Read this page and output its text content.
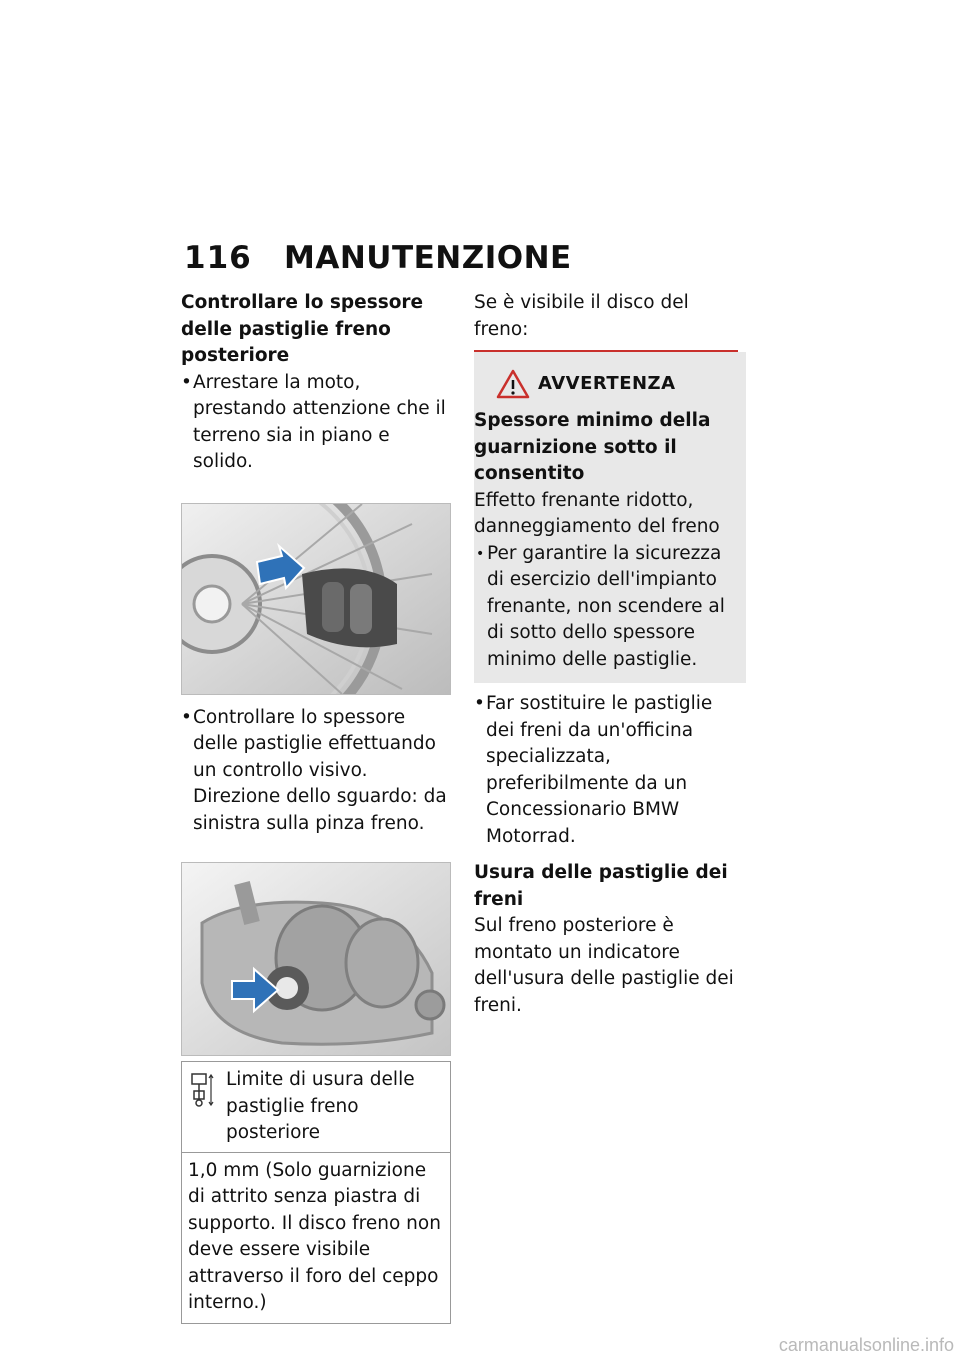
116 MANUTENZIONE

Controllare lo spessore delle pastiglie freno posteriore

• Arrestare la moto, prestando attenzione che il terreno sia in piano e solido.
• Controllare lo spessore delle pastiglie effettuando un controllo visivo. Direzione dello sguardo: da sinistra sulla pinza freno.
Limite di usura delle pastiglie freno posteriore
1,0 mm (Solo guarnizione di attrito senza piastra di supporto. Il disco freno non deve essere visibile attraverso il foro del ceppo interno.)

Se è visibile il disco del freno:

AVVERTENZA

Spessore minimo della guarnizione sotto il consentito

Effetto frenante ridotto, danneggiamento del freno

• Per garantire la sicurezza di esercizio dell'impianto frenante, non scendere al di sotto dello spessore minimo delle pastiglie.
• Far sostituire le pastiglie dei freni da un'officina specializzata, preferibilmente da un Concessionario BMW Motorrad.

Usura delle pastiglie dei freni

Sul freno posteriore è montato un indicatore dell'usura delle pastiglie dei freni.

carmanualsonline.info
